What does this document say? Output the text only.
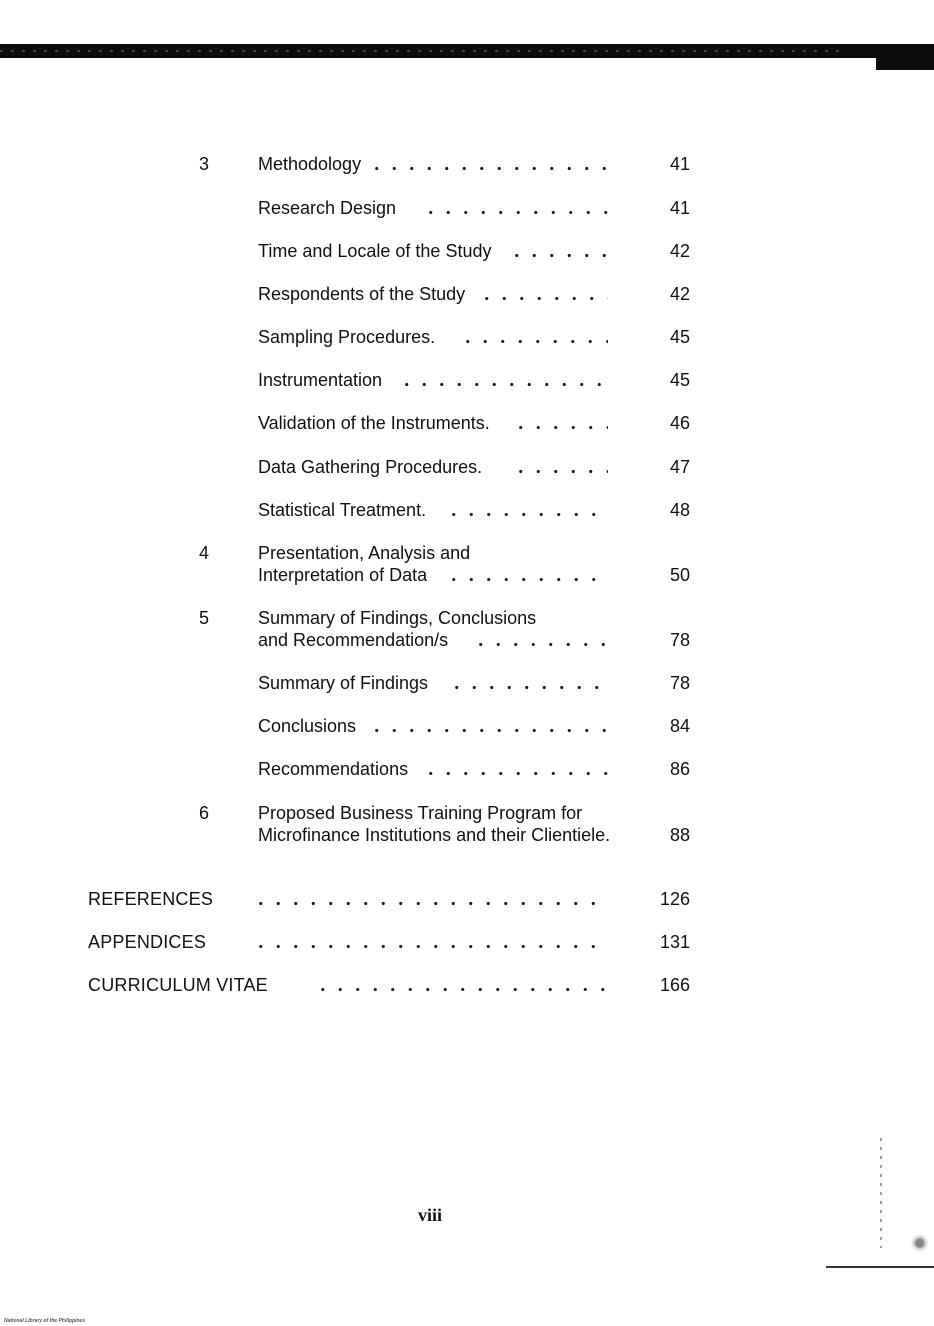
3	Methodology	41
Research Design	41
Time and Locale of the Study	42
Respondents of the Study	42
Sampling Procedures.	45
Instrumentation	45
Validation of the Instruments.	46
Data Gathering Procedures.	47
Statistical Treatment.	48
4	Presentation, Analysis and
Interpretation of Data	50
5	Summary of Findings, Conclusions
and Recommendation/s	78
Summary of Findings	78
Conclusions	84
Recommendations	86
6	Proposed Business Training Program for
Microfinance Institutions and their Clientiele.	88
REFERENCES	126
APPENDICES	131
CURRICULUM VITAE	166
viii
National Library of the Philippines
